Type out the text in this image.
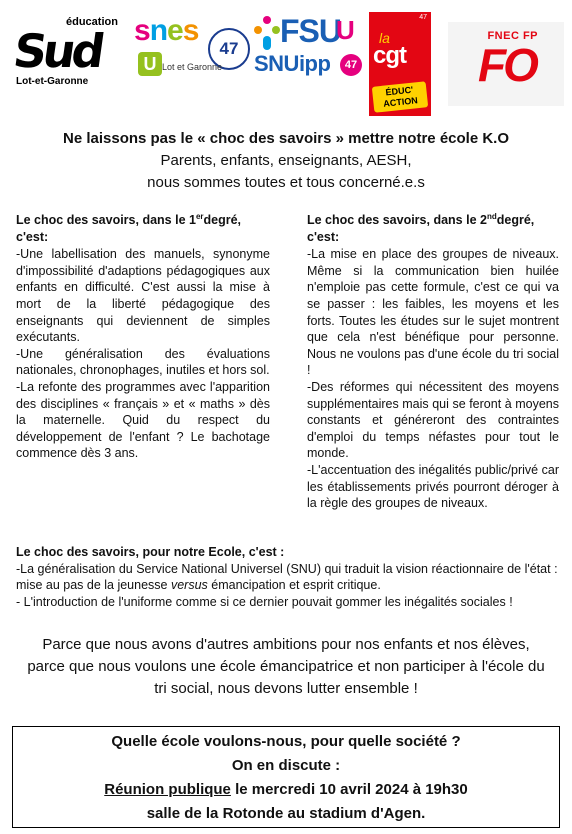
éducation
Sud
Lot-et-Garonne
snes
U
47
Lot et Garonne
FSU
U
SNUipp	47
47
la
cgt
ÉDUC'
ACTION
FNEC FP
FO
Ne laissons pas le « choc des savoirs » mettre notre école K.O
Parents, enfants, enseignants, AESH,
nous sommes toutes et tous concerné.e.s
Le choc des savoirs, dans le 1erdegré, c'est:

-Une labellisation des manuels, synonyme d'impossibilité d'adaptions pédagogiques aux enfants en difficulté. C'est aussi la mise à mort de la liberté pédagogique des enseignants qui deviennent de simples exécutants.

-Une généralisation des évaluations nationales, chronophages, inutiles et hors sol.

-La refonte des programmes avec l'apparition des disciplines « français » et « maths » dès la maternelle. Quid du respect du développement de l'enfant ? Le bachotage commence dès 3 ans.

Le choc des savoirs, dans le 2nddegré, c'est:

-La mise en place des groupes de niveaux. Même si la communication bien huilée n'emploie pas cette formule, c'est ce qui va se passer : les faibles, les moyens et les forts. Toutes les études sur le sujet montrent que cela n'est bénéfique pour personne. Nous ne voulons pas d'une école du tri social !

-Des réformes qui nécessitent des moyens supplémentaires mais qui se feront à moyens constants et généreront des contraintes d'emploi du temps néfastes pour tout le monde.

-L'accentuation des inégalités public/privé car les établissements privés pourront déroger à la règle des groupes de niveaux.

Le choc des savoirs, pour notre Ecole, c'est :

-La généralisation du Service National Universel (SNU) qui traduit la vision réactionnaire de l'état : mise au pas de la jeunesse versus émancipation et esprit critique.

- L'introduction de l'uniforme comme si ce dernier pouvait gommer les inégalités sociales !

Parce que nous avons d'autres ambitions pour nos enfants et nos élèves,

parce que nous voulons une école émancipatrice et non participer à l'école du

tri social, nous devons lutter ensemble !

Quelle école voulons-nous, pour quelle société ?
On en discute :
Réunion publique le mercredi 10 avril 2024 à 19h30
salle de la Rotonde au stadium d'Agen.
